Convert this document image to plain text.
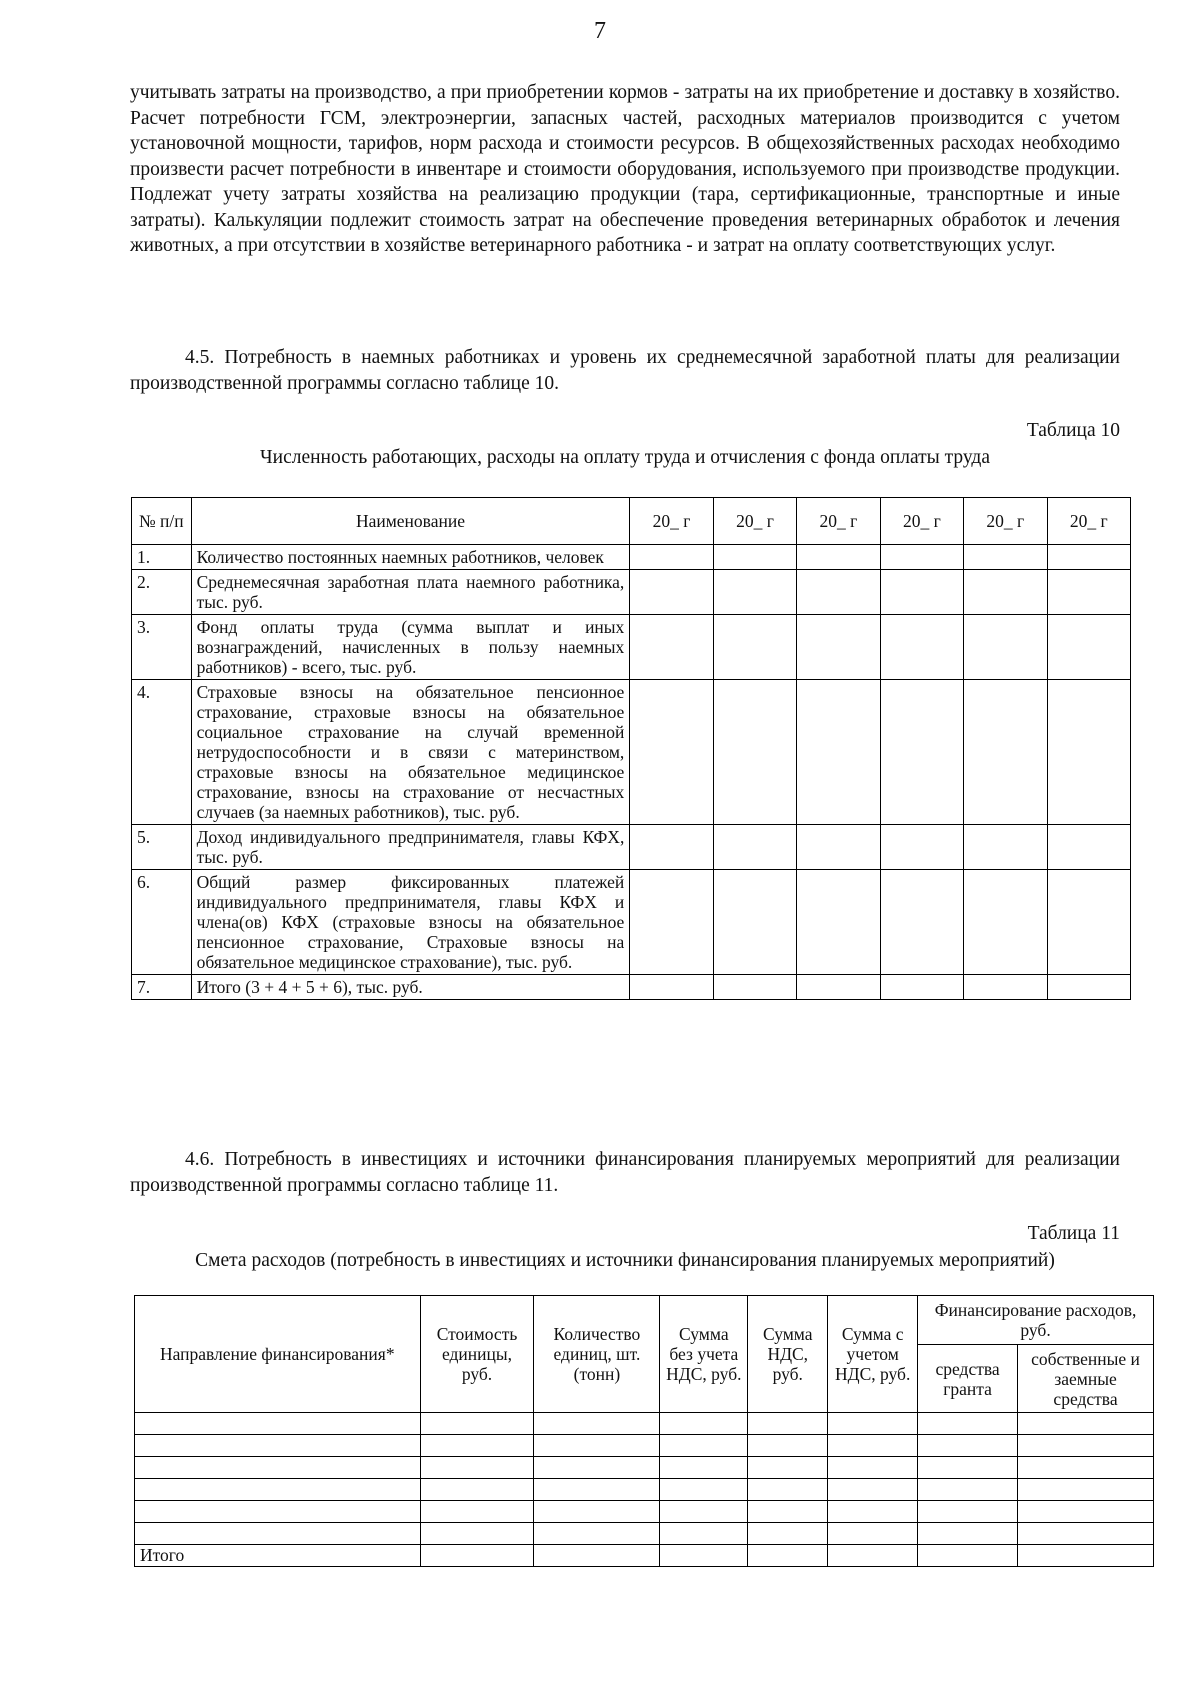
7

учитывать затраты на производство, а при приобретении кормов - затраты на их приобретение и доставку в хозяйство. Расчет потребности ГСМ, электроэнергии, запасных частей, расходных материалов производится с учетом установочной мощности, тарифов, норм расхода и стоимости ресурсов. В общехозяйственных расходах необходимо произвести расчет потребности в инвентаре и стоимости оборудования, используемого при производстве продукции. Подлежат учету затраты хозяйства на реализацию продукции (тара, сертификационные, транспортные и иные затраты). Калькуляции подлежит стоимость затрат на обеспечение проведения ветеринарных обработок и лечения животных, а при отсутствии в хозяйстве ветеринарного работника - и затрат на оплату соответствующих услуг.

4.5. Потребность в наемных работниках и уровень их среднемесячной заработной платы для реализации производственной программы согласно таблице 10.

Таблица 10
Численность работающих, расходы на оплату труда и отчисления с фонда оплаты труда
№ п/п	Наименование	20_ г	20_ г	20_ г	20_ г	20_ г	20_ г
1.	Количество постоянных наемных работников, человек						
2.	Среднемесячная заработная плата наемного работника, тыс. руб.						
3.	Фонд оплаты труда (сумма выплат и иных вознаграждений, начисленных в пользу наемных работников) - всего, тыс. руб.						
4.	Страховые взносы на обязательное пенсионное страхование, страховые взносы на обязательное социальное страхование на случай временной нетрудоспособности и в связи с материнством, страховые взносы на обязательное медицинское страхование, взносы на страхование от несчастных случаев (за наемных работников), тыс. руб.						
5.	Доход индивидуального предпринимателя, главы КФХ, тыс. руб.						
6.	Общий размер фиксированных платежей индивидуального предпринимателя, главы КФХ и члена(ов) КФХ (страховые взносы на обязательное пенсионное страхование, Страховые взносы на обязательное медицинское страхование), тыс. руб.						
7.	Итого (3 + 4 + 5 + 6), тыс. руб.						

4.6. Потребность в инвестициях и источники финансирования планируемых мероприятий для реализации производственной программы согласно таблице 11.

Таблица 11
Смета расходов (потребность в инвестициях и источники финансирования планируемых мероприятий)
Направление финансирования*	Стоимость единицы, руб.	Количество единиц, шт. (тонн)	Сумма без учета НДС, руб.	Сумма НДС, руб.	Сумма с учетом НДС, руб.	Финансирование расходов, руб.	
						средства гранта	собственные и заемные средства

Итого							
